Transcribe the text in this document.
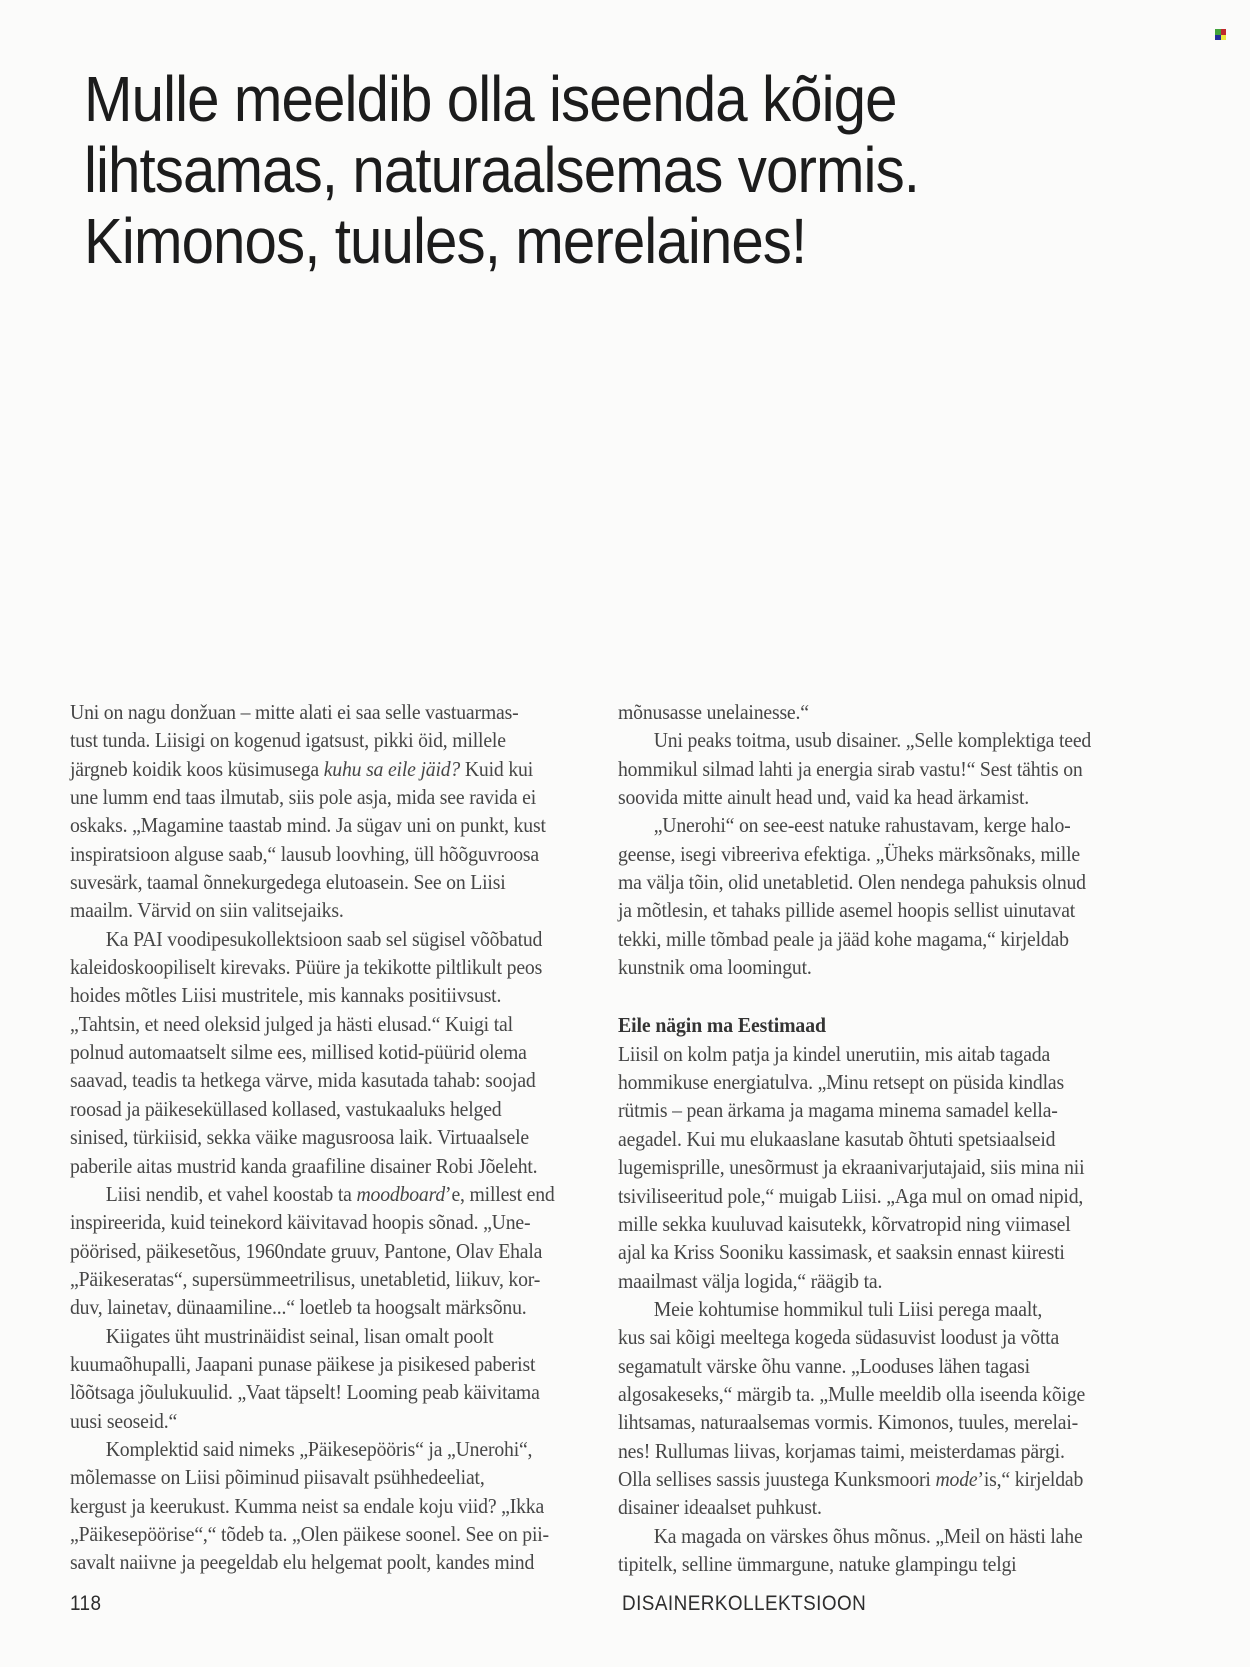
Mulle meeldib olla iseenda kõige
lihtsamas, naturaalsemas vormis.
Kimonos, tuules, merelaines!
Uni on nagu donžuan – mitte alati ei saa selle vastuarmas-
tust tunda. Liisigi on kogenud igatsust, pikki öid, millele
järgneb koidik koos küsimusega kuhu sa eile jäid? Kuid kui
une lumm end taas ilmutab, siis pole asja, mida see ravida ei
oskaks. „Magamine taastab mind. Ja sügav uni on punkt, kust
inspiratsioon alguse saab,“ lausub loovhing, üll hõõguvroosa
suvesärk, taamal õnnekurgedega elutoasein. See on Liisi
maailm. Värvid on siin valitsejaiks.
Ka PAI voodipesukollektsioon saab sel sügisel võõbatud
kaleidoskoopiliselt kirevaks. Püüre ja tekikotte piltlikult peos
hoides mõtles Liisi mustritele, mis kannaks positiivsust.
„Tahtsin, et need oleksid julged ja hästi elusad.“ Kuigi tal
polnud automaatselt silme ees, millised kotid-püürid olema
saavad, teadis ta hetkega värve, mida kasutada tahab: soojad
roosad ja päikeseküllased kollased, vastukaaluks helged
sinised, türkiisid, sekka väike magusroosa laik. Virtuaalsele
paberile aitas mustrid kanda graafiline disainer Robi Jõeleht.
Liisi nendib, et vahel koostab ta moodboard’e, millest end
inspireerida, kuid teinekord käivitavad hoopis sõnad. „Une-
pöörised, päikesetõus, 1960ndate gruuv, Pantone, Olav Ehala
„Päikeseratas“, supersümmeetrilisus, unetabletid, liikuv, kor-
duv, lainetav, dünaamiline...“ loetleb ta hoogsalt märksõnu.
Kiigates üht mustrinäidist seinal, lisan omalt poolt
kuumaõhupalli, Jaapani punase päikese ja pisikesed paberist
lõõtsaga jõulukuulid. „Vaat täpselt! Looming peab käivitama
uusi seoseid.“
Komplektid said nimeks „Päikesepööris“ ja „Unerohi“,
mõlemasse on Liisi põiminud piisavalt psühhedeeliat,
kergust ja keerukust. Kumma neist sa endale koju viid? „Ikka
„Päikesepöörise“,“ tõdeb ta. „Olen päikese soonel. See on pii-
savalt naiivne ja peegeldab elu helgemat poolt, kandes mind
mõnusasse unelainesse.“
Uni peaks toitma, usub disainer. „Selle komplektiga teed
hommikul silmad lahti ja energia sirab vastu!“ Sest tähtis on
soovida mitte ainult head und, vaid ka head ärkamist.
„Unerohi“ on see-eest natuke rahustavam, kerge halo-
geense, isegi vibreeriva efektiga. „Üheks märksõnaks, mille
ma välja tõin, olid unetabletid. Olen nendega pahuksis olnud
ja mõtlesin, et tahaks pillide asemel hoopis sellist uinutavat
tekki, mille tõmbad peale ja jääd kohe magama,“ kirjeldab
kunstnik oma loomingut.
Eile nägin ma Eestimaad
Liisil on kolm patja ja kindel unerutiin, mis aitab tagada
hommikuse energiatulva. „Minu retsept on püsida kindlas
rütmis – pean ärkama ja magama minema samadel kella-
aegadel. Kui mu elukaaslane kasutab õhtuti spetsiaalseid
lugemisprille, unesõrmust ja ekraanivarjutajaid, siis mina nii
tsiviliseeritud pole,“ muigab Liisi. „Aga mul on omad nipid,
mille sekka kuuluvad kaisutekk, kõrvatropid ning viimasel
ajal ka Kriss Sooniku kassimask, et saaksin ennast kiiresti
maailmast välja logida,“ räägib ta.
Meie kohtumise hommikul tuli Liisi perega maalt,
kus sai kõigi meeltega kogeda südasuvist loodust ja võtta
segamatult värske õhu vanne. „Looduses lähen tagasi
algosakeseks,“ märgib ta. „Mulle meeldib olla iseenda kõige
lihtsamas, naturaalsemas vormis. Kimonos, tuules, merelai-
nes! Rullumas liivas, korjamas taimi, meisterdamas pärgi.
Olla sellises sassis juustega Kunksmoori mode’is,“ kirjeldab
disainer ideaalset puhkust.
Ka magada on värskes õhus mõnus. „Meil on hästi lahe
tipitelk, selline ümmargune, natuke glampingu telgi
118	DISAINERKOLLEKTSIOON
